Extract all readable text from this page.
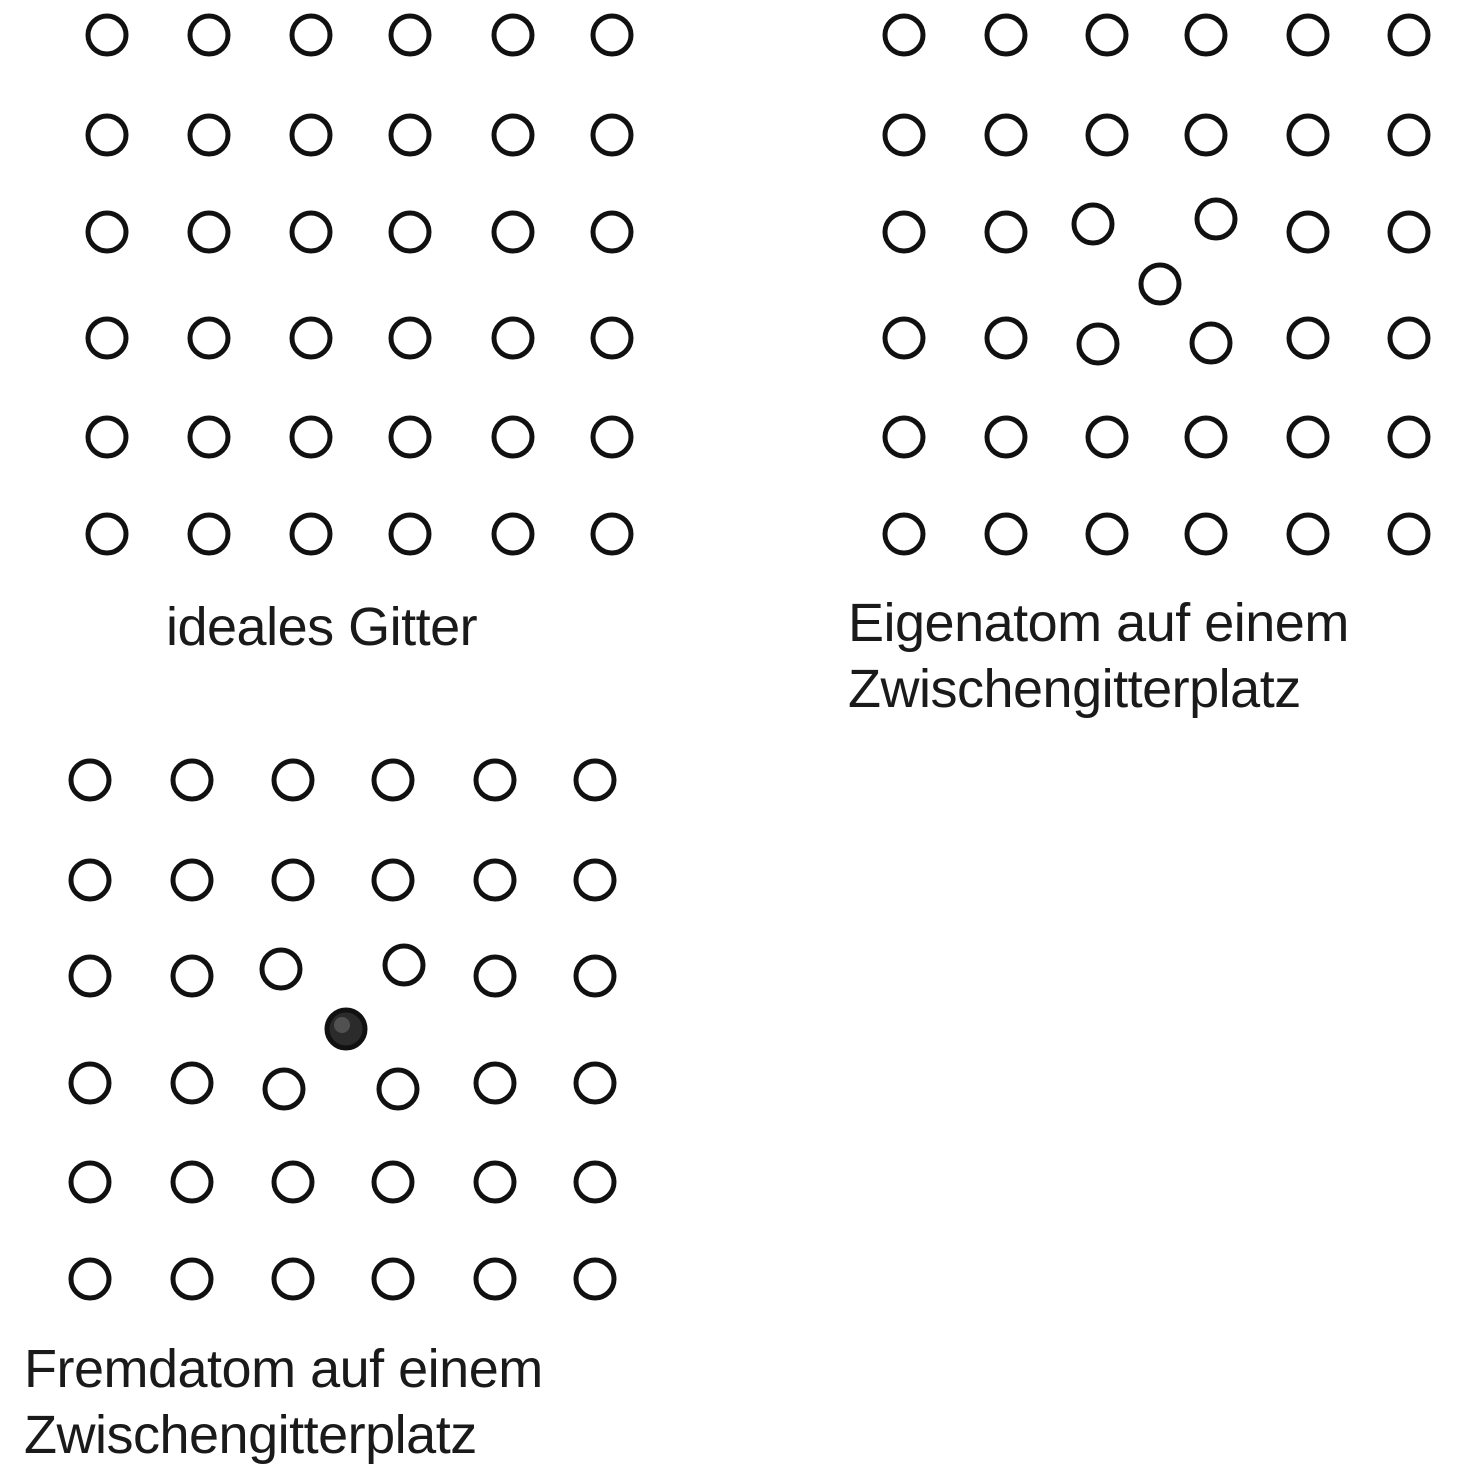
ideales Gitter	Eigenatom auf einem
Zwischengitterplatz
Fremdatom auf einem
Zwischengitterplatz
